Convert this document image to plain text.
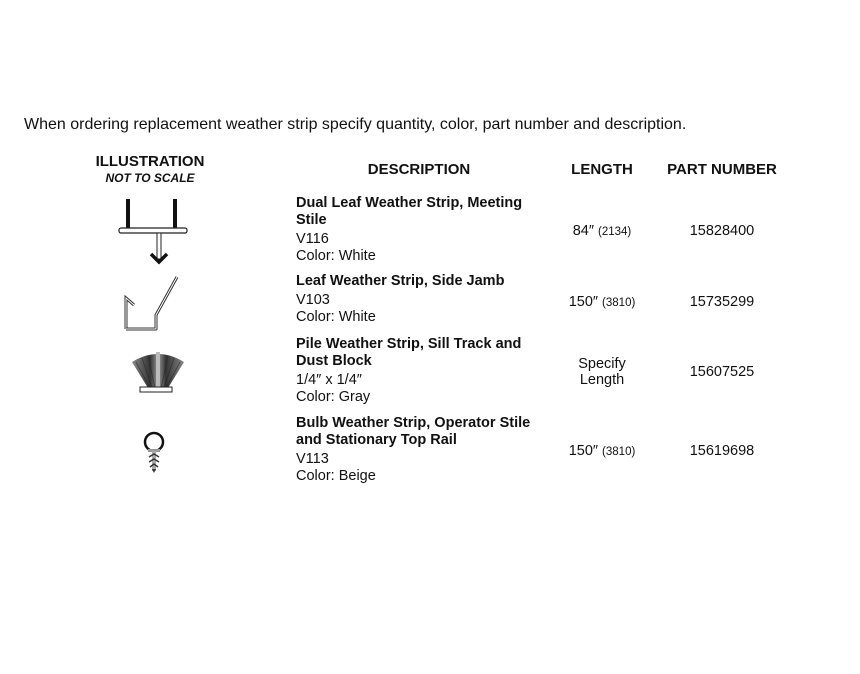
When ordering replacement weather strip specify quantity, color, part number and description.
ILLUSTRATION
NOT TO SCALE	DESCRIPTION	LENGTH	PART NUMBER
Dual Leaf Weather Strip, Meeting Stile
V116
Color: White
84″ (2134)	15828400
Leaf Weather Strip, Side Jamb
V103
Color: White
150″ (3810)	15735299
Pile Weather Strip, Sill Track and Dust Block
1/4″ x 1/4″
Color: Gray
Specify Length	15607525
Bulb Weather Strip, Operator Stile and Stationary Top Rail
V113
Color: Beige
150″ (3810)	15619698
